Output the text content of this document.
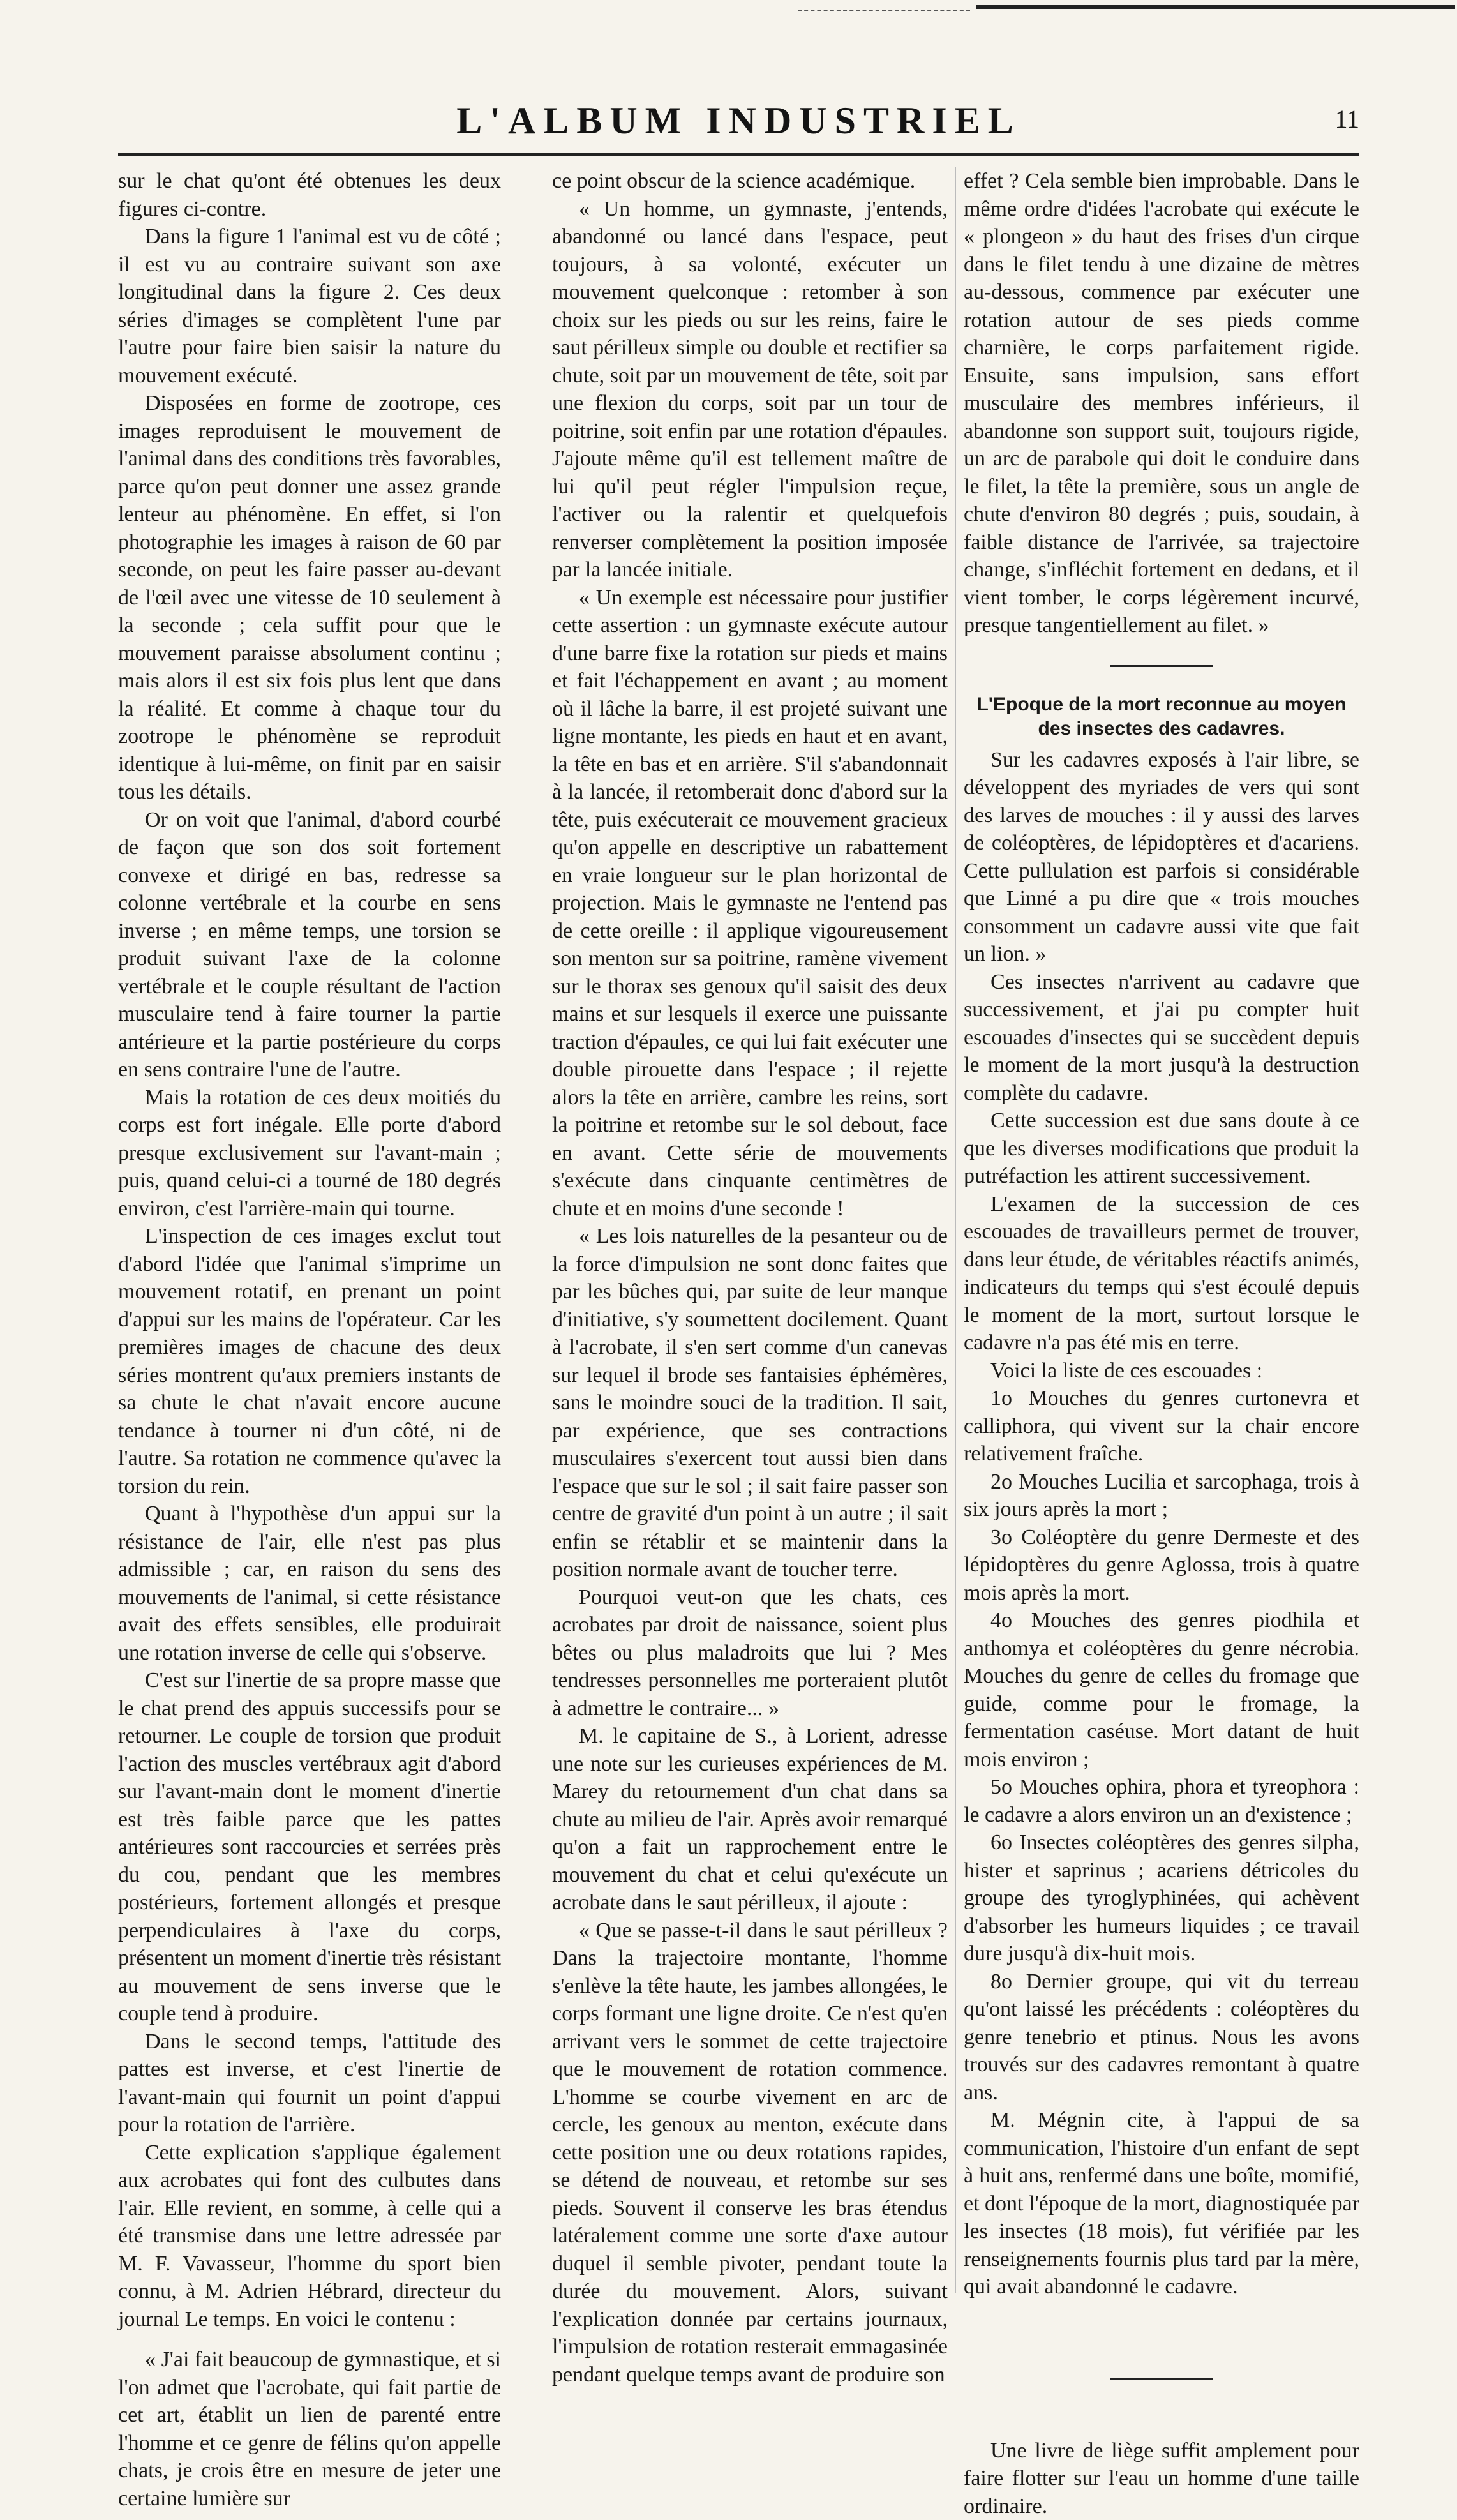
L'ALBUM INDUSTRIEL	11

sur le chat qu'ont été obtenues les deux figures ci-contre.

Dans la figure 1 l'animal est vu de côté ; il est vu au contraire suivant son axe longitudinal dans la figure 2. Ces deux séries d'images se complètent l'une par l'autre pour faire bien saisir la nature du mouvement exécuté.

Disposées en forme de zootrope, ces images reproduisent le mouvement de l'animal dans des conditions très favorables, parce qu'on peut donner une assez grande lenteur au phénomène. En effet, si l'on photographie les images à raison de 60 par seconde, on peut les faire passer au-devant de l'œil avec une vitesse de 10 seulement à la seconde ; cela suffit pour que le mouvement paraisse absolument continu ; mais alors il est six fois plus lent que dans la réalité. Et comme à chaque tour du zootrope le phénomène se reproduit identique à lui-même, on finit par en saisir tous les détails.

Or on voit que l'animal, d'abord courbé de façon que son dos soit fortement convexe et dirigé en bas, redresse sa colonne vertébrale et la courbe en sens inverse ; en même temps, une torsion se produit suivant l'axe de la colonne vertébrale et le couple résultant de l'action musculaire tend à faire tourner la partie antérieure et la partie postérieure du corps en sens contraire l'une de l'autre.

Mais la rotation de ces deux moitiés du corps est fort inégale. Elle porte d'abord presque exclusivement sur l'avant-main ; puis, quand celui-ci a tourné de 180 degrés environ, c'est l'arrière-main qui tourne.

L'inspection de ces images exclut tout d'abord l'idée que l'animal s'imprime un mouvement rotatif, en prenant un point d'appui sur les mains de l'opérateur. Car les premières images de chacune des deux séries montrent qu'aux premiers instants de sa chute le chat n'avait encore aucune tendance à tourner ni d'un côté, ni de l'autre. Sa rotation ne commence qu'avec la torsion du rein.

Quant à l'hypothèse d'un appui sur la résistance de l'air, elle n'est pas plus admissible ; car, en raison du sens des mouvements de l'animal, si cette résistance avait des effets sensibles, elle produirait une rotation inverse de celle qui s'observe.

C'est sur l'inertie de sa propre masse que le chat prend des appuis successifs pour se retourner. Le couple de torsion que produit l'action des muscles vertébraux agit d'abord sur l'avant-main dont le moment d'inertie est très faible parce que les pattes antérieures sont raccourcies et serrées près du cou, pendant que les membres postérieurs, fortement allongés et presque perpendiculaires à l'axe du corps, présentent un moment d'inertie très résistant au mouvement de sens inverse que le couple tend à produire.

Dans le second temps, l'attitude des pattes est inverse, et c'est l'inertie de l'avant-main qui fournit un point d'appui pour la rotation de l'arrière.

Cette explication s'applique également aux acrobates qui font des culbutes dans l'air. Elle revient, en somme, à celle qui a été transmise dans une lettre adressée par M. F. Vavasseur, l'homme du sport bien connu, à M. Adrien Hébrard, directeur du journal Le temps. En voici le contenu :

« J'ai fait beaucoup de gymnastique, et si l'on admet que l'acrobate, qui fait partie de cet art, établit un lien de parenté entre l'homme et ce genre de félins qu'on appelle chats, je crois être en mesure de jeter une certaine lumière sur

ce point obscur de la science académique.

« Un homme, un gymnaste, j'entends, abandonné ou lancé dans l'espace, peut toujours, à sa volonté, exécuter un mouvement quelconque : retomber à son choix sur les pieds ou sur les reins, faire le saut périlleux simple ou double et rectifier sa chute, soit par un mouvement de tête, soit par une flexion du corps, soit par un tour de poitrine, soit enfin par une rotation d'épaules. J'ajoute même qu'il est tellement maître de lui qu'il peut régler l'impulsion reçue, l'activer ou la ralentir et quelquefois renverser complètement la position imposée par la lancée initiale.

« Un exemple est nécessaire pour justifier cette assertion : un gymnaste exécute autour d'une barre fixe la rotation sur pieds et mains et fait l'échappement en avant ; au moment où il lâche la barre, il est projeté suivant une ligne montante, les pieds en haut et en avant, la tête en bas et en arrière. S'il s'abandonnait à la lancée, il retomberait donc d'abord sur la tête, puis exécuterait ce mouvement gracieux qu'on appelle en descriptive un rabattement en vraie longueur sur le plan horizontal de projection. Mais le gymnaste ne l'entend pas de cette oreille : il applique vigoureusement son menton sur sa poitrine, ramène vivement sur le thorax ses genoux qu'il saisit des deux mains et sur lesquels il exerce une puissante traction d'épaules, ce qui lui fait exécuter une double pirouette dans l'espace ; il rejette alors la tête en arrière, cambre les reins, sort la poitrine et retombe sur le sol debout, face en avant. Cette série de mouvements s'exécute dans cinquante centimètres de chute et en moins d'une seconde !

« Les lois naturelles de la pesanteur ou de la force d'impulsion ne sont donc faites que par les bûches qui, par suite de leur manque d'initiative, s'y soumettent docilement. Quant à l'acrobate, il s'en sert comme d'un canevas sur lequel il brode ses fantaisies éphémères, sans le moindre souci de la tradition. Il sait, par expérience, que ses contractions musculaires s'exercent tout aussi bien dans l'espace que sur le sol ; il sait faire passer son centre de gravité d'un point à un autre ; il sait enfin se rétablir et se maintenir dans la position normale avant de toucher terre.

Pourquoi veut-on que les chats, ces acrobates par droit de naissance, soient plus bêtes ou plus maladroits que lui ? Mes tendresses personnelles me porteraient plutôt à admettre le contraire... »

M. le capitaine de S., à Lorient, adresse une note sur les curieuses expériences de M. Marey du retournement d'un chat dans sa chute au milieu de l'air. Après avoir remarqué qu'on a fait un rapprochement entre le mouvement du chat et celui qu'exécute un acrobate dans le saut périlleux, il ajoute :

« Que se passe-t-il dans le saut périlleux ? Dans la trajectoire montante, l'homme s'enlève la tête haute, les jambes allongées, le corps formant une ligne droite. Ce n'est qu'en arrivant vers le sommet de cette trajectoire que le mouvement de rotation commence. L'homme se courbe vivement en arc de cercle, les genoux au menton, exécute dans cette position une ou deux rotations rapides, se détend de nouveau, et retombe sur ses pieds. Souvent il conserve les bras étendus latéralement comme une sorte d'axe autour duquel il semble pivoter, pendant toute la durée du mouvement. Alors, suivant l'explication donnée par certains journaux, l'impulsion de rotation resterait emmagasinée pendant quelque temps avant de produire son

effet ? Cela semble bien improbable. Dans le même ordre d'idées l'acrobate qui exécute le « plongeon » du haut des frises d'un cirque dans le filet tendu à une dizaine de mètres au-dessous, commence par exécuter une rotation autour de ses pieds comme charnière, le corps parfaitement rigide. Ensuite, sans impulsion, sans effort musculaire des membres inférieurs, il abandonne son support suit, toujours rigide, un arc de parabole qui doit le conduire dans le filet, la tête la première, sous un angle de chute d'environ 80 degrés ; puis, soudain, à faible distance de l'arrivée, sa trajectoire change, s'infléchit fortement en dedans, et il vient tomber, le corps légèrement incurvé, presque tangentiellement au filet. »

L'Epoque de la mort reconnue au moyen des insectes des cadavres.

Sur les cadavres exposés à l'air libre, se développent des myriades de vers qui sont des larves de mouches : il y aussi des larves de coléoptères, de lépidoptères et d'acariens. Cette pullulation est parfois si considérable que Linné a pu dire que « trois mouches consomment un cadavre aussi vite que fait un lion. »

Ces insectes n'arrivent au cadavre que successivement, et j'ai pu compter huit escouades d'insectes qui se succèdent depuis le moment de la mort jusqu'à la destruction complète du cadavre.

Cette succession est due sans doute à ce que les diverses modifications que produit la putréfaction les attirent successivement.

L'examen de la succession de ces escouades de travailleurs permet de trouver, dans leur étude, de véritables réactifs animés, indicateurs du temps qui s'est écoulé depuis le moment de la mort, surtout lorsque le cadavre n'a pas été mis en terre.

Voici la liste de ces escouades :

1o Mouches du genres curtonevra et calliphora, qui vivent sur la chair encore relativement fraîche.

2o Mouches Lucilia et sarcophaga, trois à six jours après la mort ;

3o Coléoptère du genre Dermeste et des lépidoptères du genre Aglossa, trois à quatre mois après la mort.

4o Mouches des genres piodhila et anthomya et coléoptères du genre nécrobia. Mouches du genre de celles du fromage que guide, comme pour le fromage, la fermentation caséuse. Mort datant de huit mois environ ;

5o Mouches ophira, phora et tyreophora : le cadavre a alors environ un an d'existence ;

6o Insectes coléoptères des genres silpha, hister et saprinus ; acariens détricoles du groupe des tyroglyphinées, qui achèvent d'absorber les humeurs liquides ; ce travail dure jusqu'à dix-huit mois.

8o Dernier groupe, qui vit du terreau qu'ont laissé les précédents : coléoptères du genre tenebrio et ptinus. Nous les avons trouvés sur des cadavres remontant à quatre ans.

M. Mégnin cite, à l'appui de sa communication, l'histoire d'un enfant de sept à huit ans, renfermé dans une boîte, momifié, et dont l'époque de la mort, diagnostiquée par les insectes (18 mois), fut vérifiée par les renseignements fournis plus tard par la mère, qui avait abandonné le cadavre.

Une livre de liège suffit amplement pour faire flotter sur l'eau un homme d'une taille ordinaire.
